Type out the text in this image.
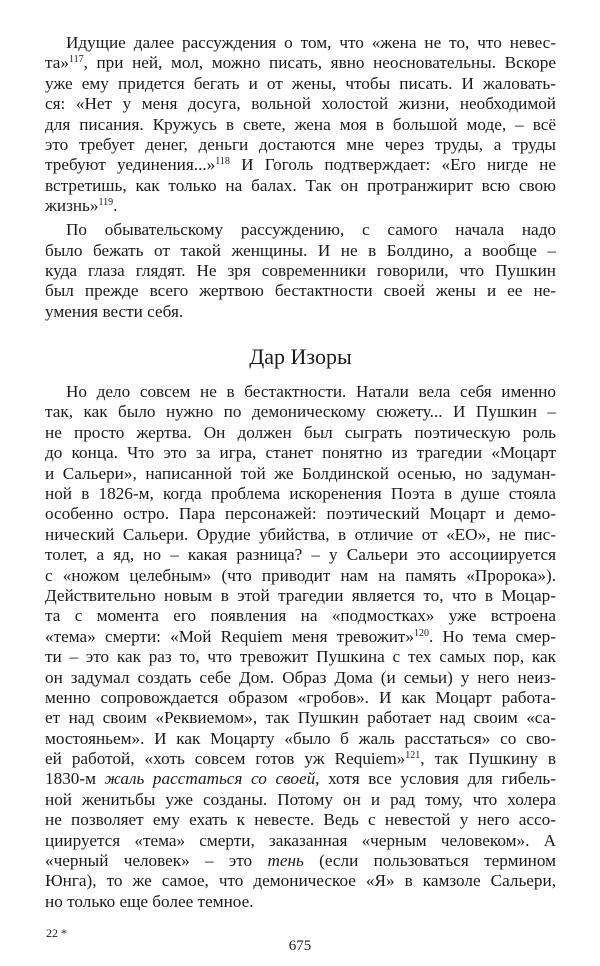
Идущие далее рассуждения о том, что «жена не то, что невес-
та»$^{117}$, при ней, мол, можно писать, явно неосновательны. Вскоре
уже ему придется бегать и от жены, чтобы писать. И жаловать-
ся: «Нет у меня досуга, вольной холостой жизни, необходимой
для писания. Кружусь в свете, жена моя в большой моде, – всё
это требует денег, деньги достаются мне через труды, а труды
требуют уединения...»$^{118}$ И Гоголь подтверждает: «Его нигде не
встретишь, как только на балах. Так он протранжирит всю свою
жизнь»$^{119}$.
По обывательскому рассуждению, с самого начала надо
было бежать от такой женщины. И не в Болдино, а вообще –
куда глаза глядят. Не зря современники говорили, что Пушкин
был прежде всего жертвою бестактности своей жены и ее не-
умения вести себя.
Дар Изоры
Но дело совсем не в бестактности. Натали вела себя именно
так, как было нужно по демоническому сюжету... И Пушкин –
не просто жертва. Он должен был сыграть поэтическую роль
до конца. Что это за игра, станет понятно из трагедии «Моцарт
и Сальери», написанной той же Болдинской осенью, но задуман-
ной в 1826-м, когда проблема искоренения Поэта в душе стояла
особенно остро. Пара персонажей: поэтический Моцарт и демо-
нический Сальери. Орудие убийства, в отличие от «ЕО», не пис-
толет, а яд, но – какая разница? – у Сальери это ассоциируется
с «ножом целебным» (что приводит нам на память «Пророка»).
Действительно новым в этой трагедии является то, что в Моцар-
та с момента его появления на «подмостках» уже встроена
«тема» смерти: «Мой Requiem меня тревожит»$^{120}$. Но тема смер-
ти – это как раз то, что тревожит Пушкина с тех самых пор, как
он задумал создать себе Дом. Образ Дома (и семьи) у него неиз-
менно сопровождается образом «гробов». И как Моцарт работа-
ет над своим «Реквиемом», так Пушкин работает над своим «са-
мостояньем». И как Моцарту «было б жаль расстаться» со сво-
ей работой, «хоть совсем готов уж Requiem»$^{121}$, так Пушкину в
1830-м жаль расстаться со своей, хотя все условия для гибель-
ной женитьбы уже созданы. Потому он и рад тому, что холера
не позволяет ему ехать к невесте. Ведь с невестой у него ассо-
циируется «тема» смерти, заказанная «черным человеком». А
«черный человек» – это тень (если пользоваться термином
Юнга), то же самое, что демоническое «Я» в камзоле Сальери,
но только еще более темное.
22 *
675
